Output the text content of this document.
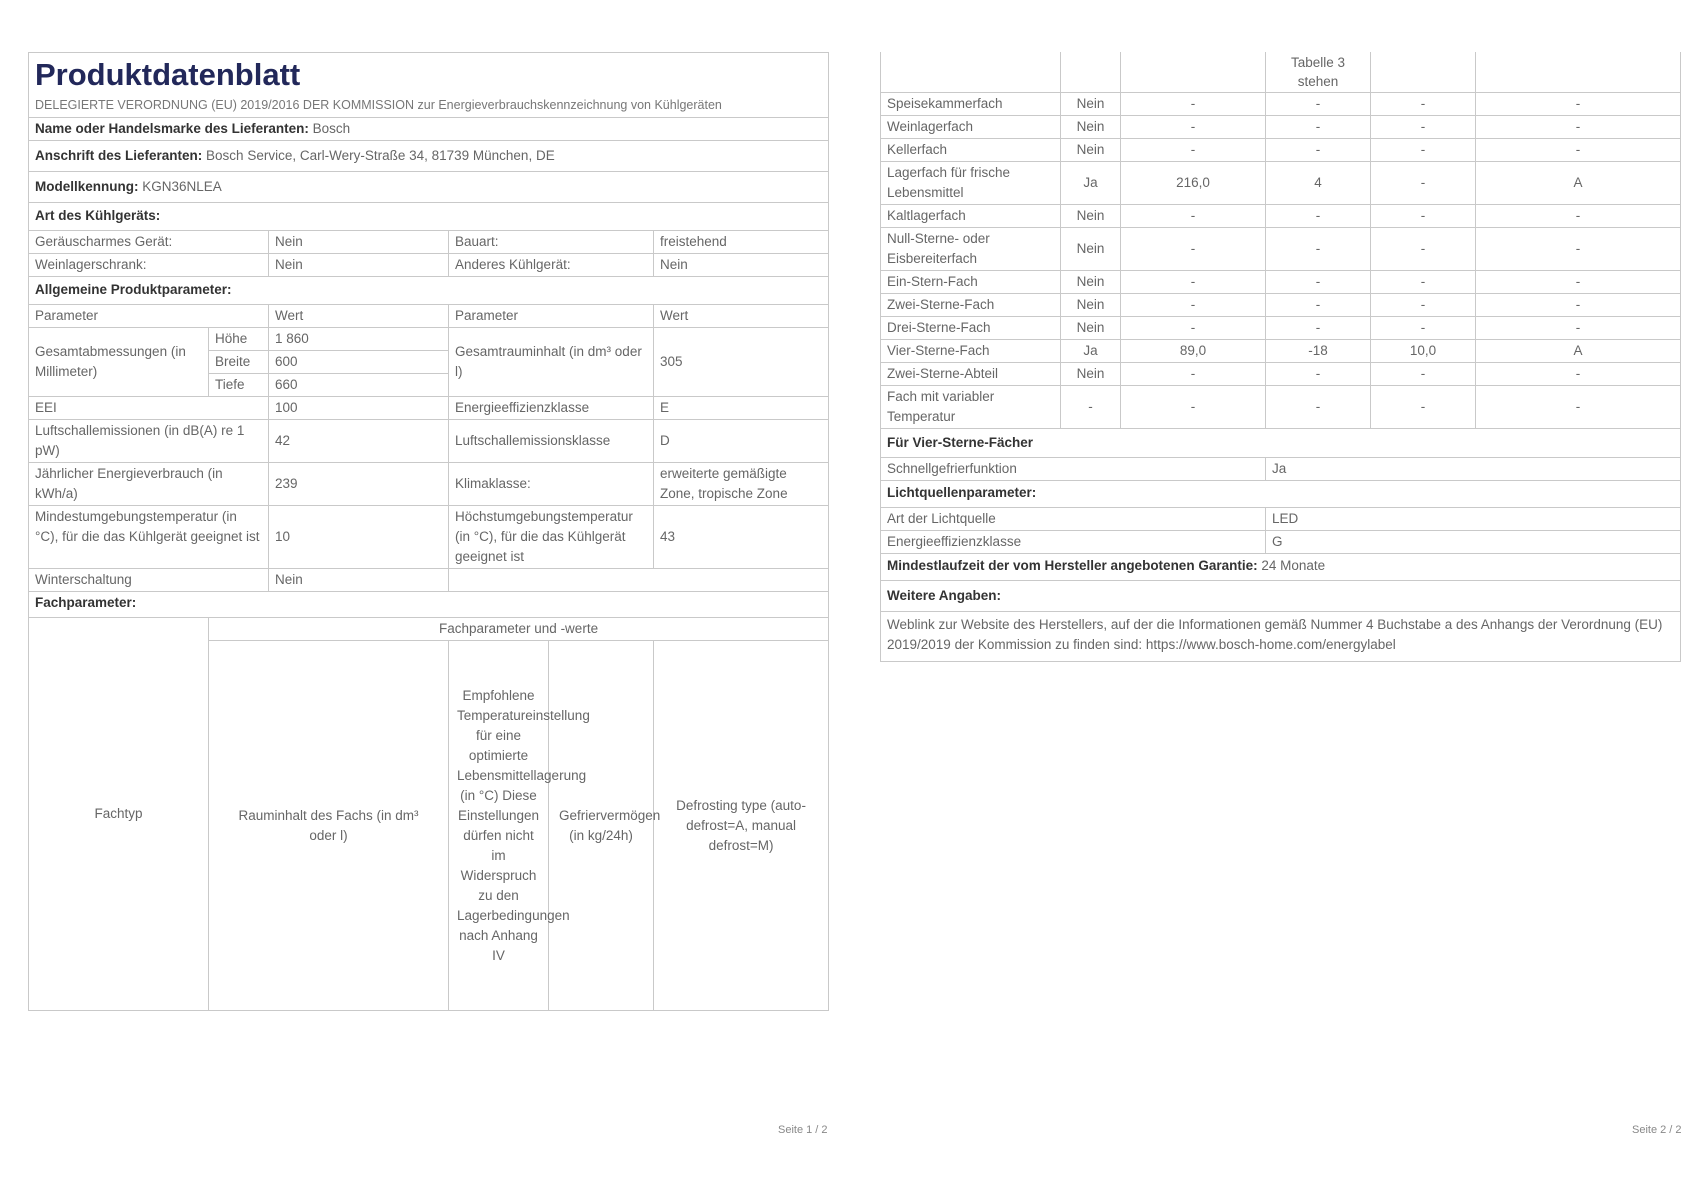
Produktdatenblatt					
DELEGIERTE VERORDNUNG (EU) 2019/2016 DER KOMMISSION zur Energieverbrauchskennzeichnung von Kühlgeräten					
Name oder Handelsmarke des Lieferanten: Bosch					
Anschrift des Lieferanten: Bosch Service, Carl-Wery-Straße 34, 81739 München, DE					
Modellkennung: KGN36NLEA					
Art des Kühlgeräts:					
Geräuscharmes Gerät:		Nein	Bauart:		freistehend
Weinlagerschrank:		Nein	Anderes Kühlgerät:		Nein
Allgemeine Produktparameter:					
Parameter		Wert	Parameter		Wert
Gesamtabmessungen (in Millimeter)	Höhe	1 860	Gesamtrauminhalt (in dm³ oder l)		305
	Breite	600			
	Tiefe	660			
EEI		100	Energieeffizienzklasse		E
Luftschallemissionen (in dB(A) re 1 pW)		42	Luftschallemissionsklasse		D
Jährlicher Energieverbrauch (in kWh/a)		239	Klimaklasse:		erweiterte gemäßigte Zone, tropische Zone
Mindestumgebungstemperatur (in °C), für die das Kühlgerät geeignet ist		10	Höchstumgebungstemperatur (in °C), für die das Kühlgerät geeignet ist		43
Winterschaltung		Nein			
Fachparameter:					
Fachtyp	Fachparameter und -werte				
	Rauminhalt des Fachs (in dm³ oder l)		Empfohlene Temperatureinstellung für eine optimierte Lebensmittellagerung (in °C) Diese Einstellungen dürfen nicht im Widerspruch zu den Lagerbedingungen nach Anhang IV	Gefriervermögen (in kg/24h)	Defrosting type (auto-defrost=A, manual defrost=M)
Seite 1 / 2
			Tabelle 3 stehen		
Speisekammerfach	Nein	-	-	-	-
Weinlagerfach	Nein	-	-	-	-
Kellerfach	Nein	-	-	-	-
Lagerfach für frische Lebensmittel	Ja	216,0	4	-	A
Kaltlagerfach	Nein	-	-	-	-
Null-Sterne- oder Eisbereiterfach	Nein	-	-	-	-
Ein-Stern-Fach	Nein	-	-	-	-
Zwei-Sterne-Fach	Nein	-	-	-	-
Drei-Sterne-Fach	Nein	-	-	-	-
Vier-Sterne-Fach	Ja	89,0	-18	10,0	A
Zwei-Sterne-Abteil	Nein	-	-	-	-
Fach mit variabler Temperatur	-	-	-	-	-
Für Vier-Sterne-Fächer					
Schnellgefrierfunktion			Ja		
Lichtquellenparameter:					
Art der Lichtquelle			LED		
Energieeffizienzklasse			G		
Mindestlaufzeit der vom Hersteller angebotenen Garantie: 24 Monate					
Weitere Angaben:					
Weblink zur Website des Herstellers, auf der die Informationen gemäß Nummer 4 Buchstabe a des Anhangs der Verordnung (EU) 2019/2019 der Kommission zu finden sind: https://www.bosch-home.com/energylabel					
Seite 2 / 2
